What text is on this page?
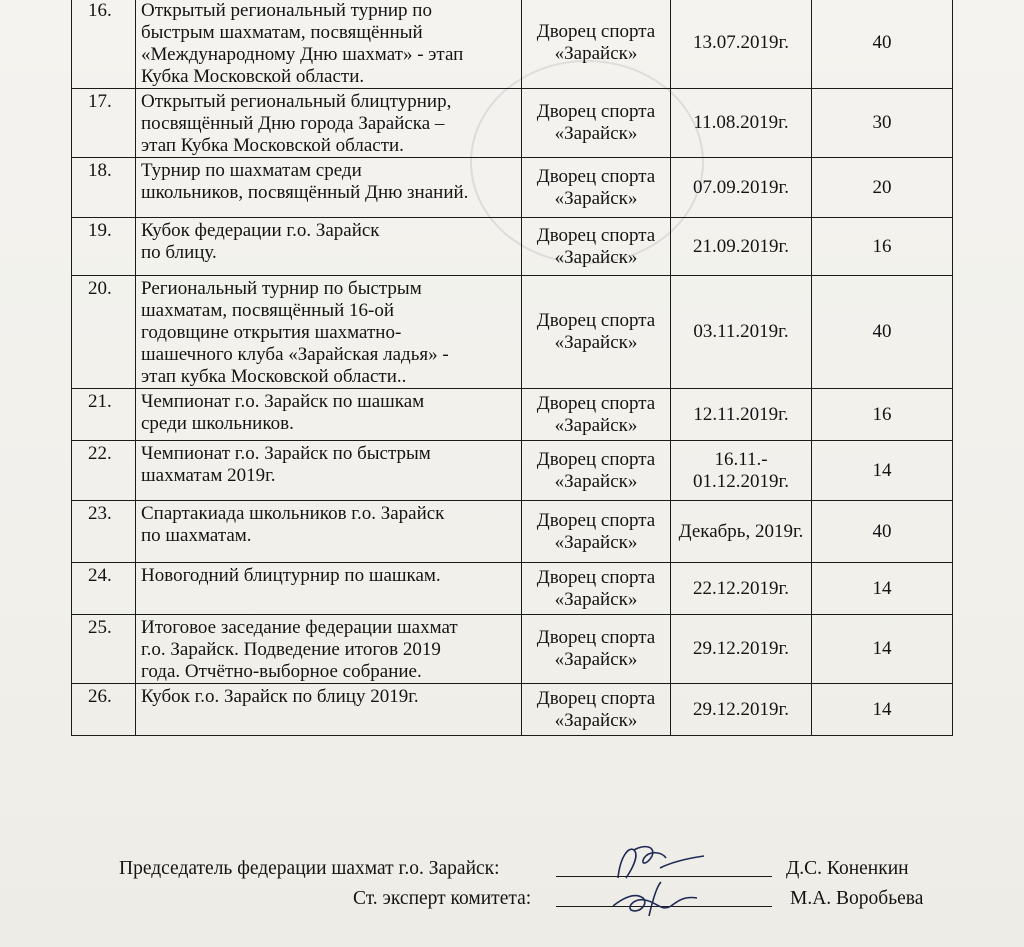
16.	Открытый региональный турнир по
быстрым шахматам, посвящённый
«Международному Дню шахмат» - этап
Кубка Московской области.	Дворец спорта
«Зарайск»	13.07.2019г.	40

17.	Открытый региональный блицтурнир,
посвящённый Дню города Зарайска –
этап Кубка Московской области.	Дворец спорта
«Зарайск»	11.08.2019г.	30

18.	Турнир по шахматам среди
школьников, посвящённый Дню знаний.	Дворец спорта
«Зарайск»	07.09.2019г.	20

19.	Кубок федерации г.о. Зарайск
по блицу.	Дворец спорта
«Зарайск»	21.09.2019г.	16

20.	Региональный турнир по быстрым
шахматам, посвящённый 16-ой
годовщине открытия шахматно-
шашечного клуба «Зарайская ладья» -
этап кубка Московской области..	Дворец спорта
«Зарайск»	03.11.2019г.	40

21.	Чемпионат г.о. Зарайск по шашкам
среди школьников.	Дворец спорта
«Зарайск»	12.11.2019г.	16

22.	Чемпионат г.о. Зарайск по быстрым
шахматам 2019г.	Дворец спорта
«Зарайск»	16.11.-
01.12.2019г.	14

23.	Спартакиада школьников г.о. Зарайск
по шахматам.	Дворец спорта
«Зарайск»	Декабрь, 2019г.	40

24.	Новогодний блицтурнир по шашкам.	Дворец спорта
«Зарайск»	22.12.2019г.	14

25.	Итоговое заседание федерации шахмат
г.о. Зарайск. Подведение итогов 2019
года. Отчётно-выборное собрание.	Дворец спорта
«Зарайск»	29.12.2019г.	14

26.	Кубок г.о. Зарайск по блицу 2019г.	Дворец спорта
«Зарайск»	29.12.2019г.	14
Председатель федерации шахмат г.о. Зарайск:	Д.С. Коненкин
Ст. эксперт комитета:	М.А. Воробьева
